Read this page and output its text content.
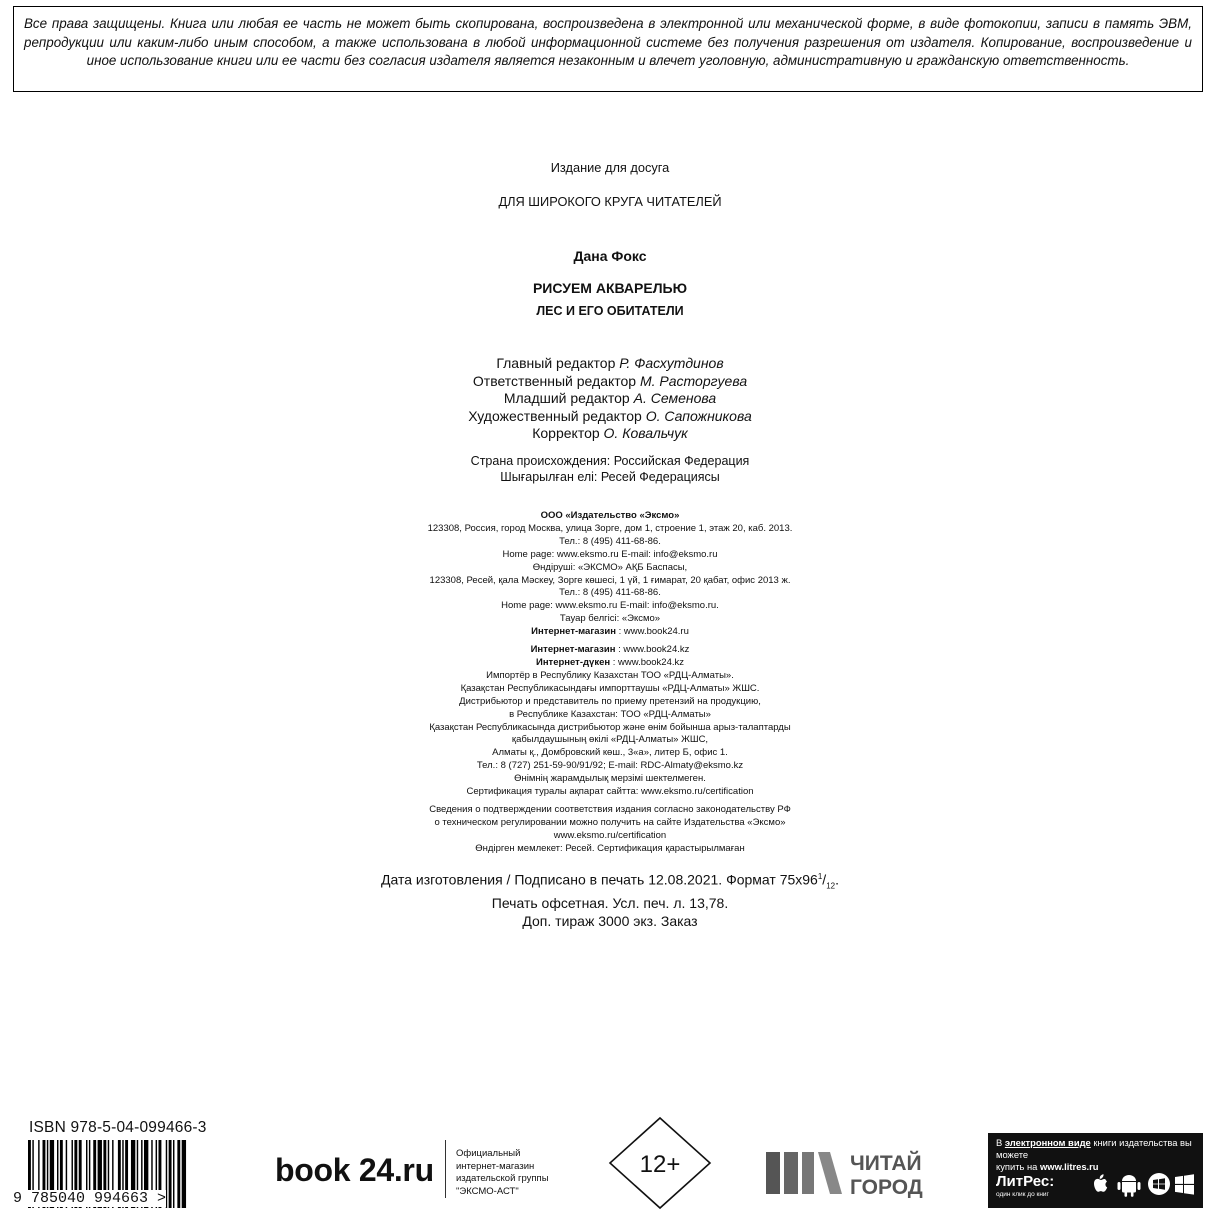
Все права защищены. Книга или любая ее часть не может быть скопирована, воспроизведена в электронной или механической форме, в виде фотокопии, записи в память ЭВМ, репродукции или каким-либо иным способом, а также использована в любой информационной системе без получения разрешения от издателя. Копирование, воспроизведение и иное использование книги или ее части без согласия издателя является незаконным и влечет уголовную, административную и гражданскую ответственность.
Издание для досуга
ДЛЯ ШИРОКОГО КРУГА ЧИТАТЕЛЕЙ
Дана Фокс
РИСУЕМ АКВАРЕЛЬЮ
ЛЕС И ЕГО ОБИТАТЕЛИ
Главный редактор Р. Фасхутдинов
Ответственный редактор М. Расторгуева
Младший редактор А. Семенова
Художественный редактор О. Сапожникова
Корректор О. Ковальчук
Страна происхождения: Российская Федерация
Шығарылған елі: Ресей Федерациясы
ООО «Издательство «Эксмо»
123308, Россия, город Москва, улица Зорге, дом 1, строение 1, этаж 20, каб. 2013.
Тел.: 8 (495) 411-68-86.
Home page: www.eksmo.ru E-mail: info@eksmo.ru
Өндіруші: «ЭКСМО» АҚБ Баспасы,
123308, Ресей, қала Мәскеу, Зорге көшесі, 1 үй, 1 ғимарат, 20 қабат, офис 2013 ж.
Тел.: 8 (495) 411-68-86.
Home page: www.eksmo.ru E-mail: info@eksmo.ru.
Тауар белгісі: «Эксмо»
Интернет-магазин : www.book24.ru
Интернет-магазин : www.book24.kz
Интернет-дүкен : www.book24.kz
Импортёр в Республику Казахстан ТОО «РДЦ-Алматы».
Қазақстан Республикасындағы импорттаушы «РДЦ-Алматы» ЖШС.
Дистрибьютор и представитель по приему претензий на продукцию,
в Республике Казахстан: ТОО «РДЦ-Алматы»
Қазақстан Республикасында дистрибьютор және өнім бойынша арыз-талаптарды
қабылдаушының өкілі «РДЦ-Алматы» ЖШС,
Алматы қ., Домбровский көш., 3«а», литер Б, офис 1.
Тел.: 8 (727) 251-59-90/91/92; E-mail: RDC-Almaty@eksmo.kz
Өнімнің жарамдылық мерзімі шектелмеген.
Сертификация туралы ақпарат сайтта: www.eksmo.ru/certification
Сведения о подтверждении соответствия издания согласно законодательству РФ
о техническом регулировании можно получить на сайте Издательства «Эксмо»
www.eksmo.ru/certification
Өндірген мемлекет: Ресей. Сертификация қарастырылмаған
Дата изготовления / Подписано в печать 12.08.2021. Формат $75х96^1/_{12}$.
Печать офсетная. Усл. печ. л. 13,78.
Доп. тираж 3000 экз. Заказ
ISBN 978-5-04-099466-3
9 785040 994663 >
book 24.ru Официальный
интернет-магазин
издательской группы
"ЭКСМО-АСТ"
12+	ЧИТАЙ
ГОРОД
В электронном виде книги издательства вы можете
купить на www.litres.ru
ЛитРес:
один клик до книг
